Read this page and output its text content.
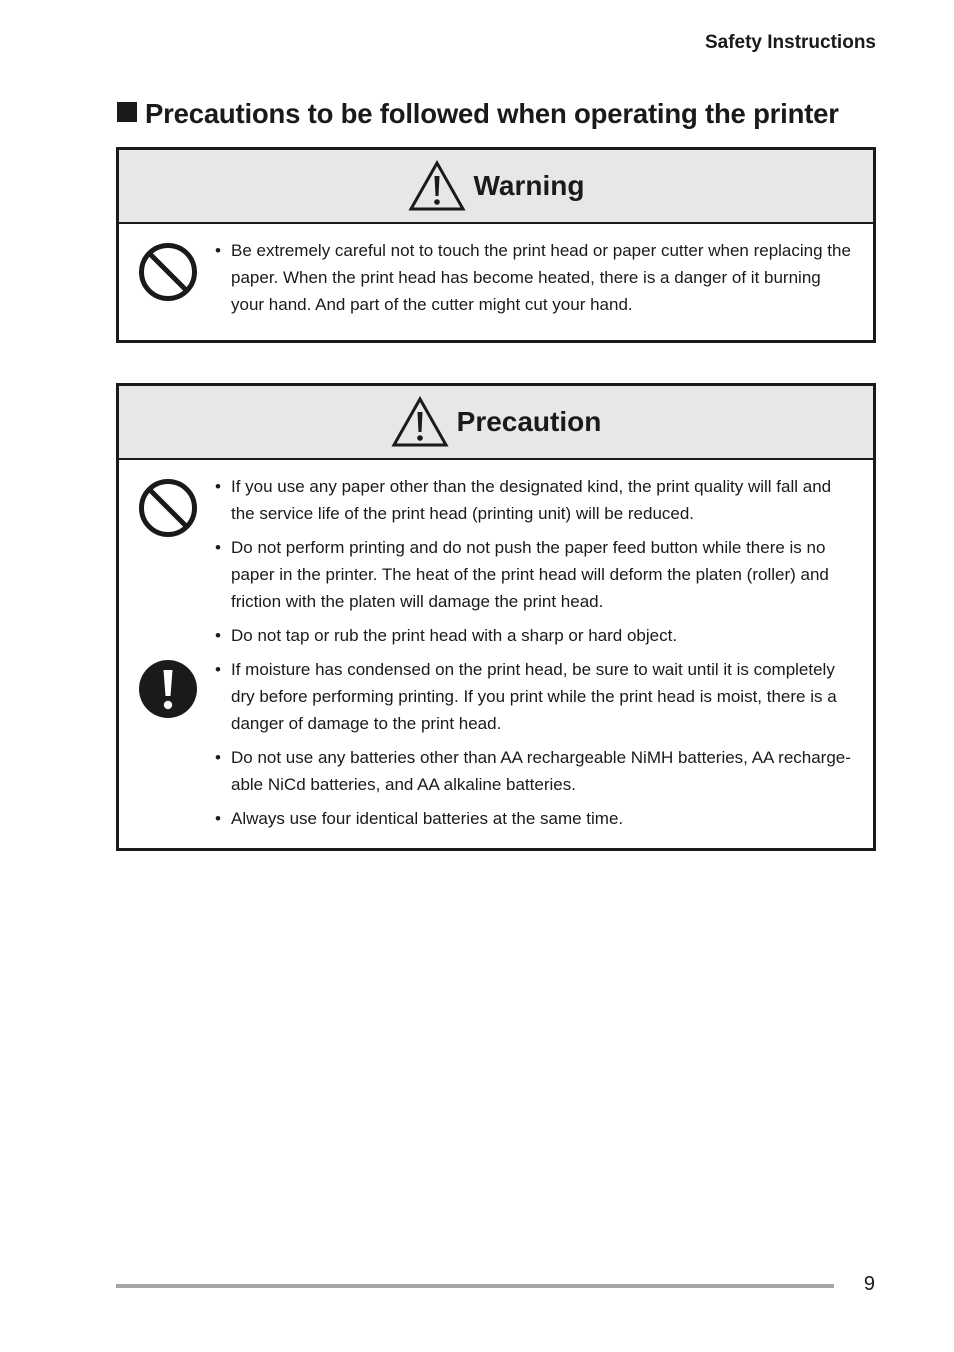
Safety Instructions
Precautions to be followed when operating the printer
Warning
• Be extremely careful not to touch the print head or paper cutter when replacing the paper. When the print head has become heated, there is a danger of it burning your hand. And part of the cutter might cut your hand.
Precaution
• If you use any paper other than the designated kind, the print quality will fall and the service life of the print head (printing unit) will be reduced.
• Do not perform printing and do not push the paper feed button while there is no paper in the printer. The heat of the print head will deform the platen (roller) and friction with the platen will damage the print head.
• Do not tap or rub the print head with a sharp or hard object.
• If moisture has condensed on the print head, be sure to wait until it is completely dry before performing printing. If you print while the print head is moist, there is a danger of damage to the print head.
• Do not use any batteries other than AA rechargeable NiMH batteries, AA recharge-able NiCd batteries, and AA alkaline batteries.
• Always use four identical batteries at the same time.
9
